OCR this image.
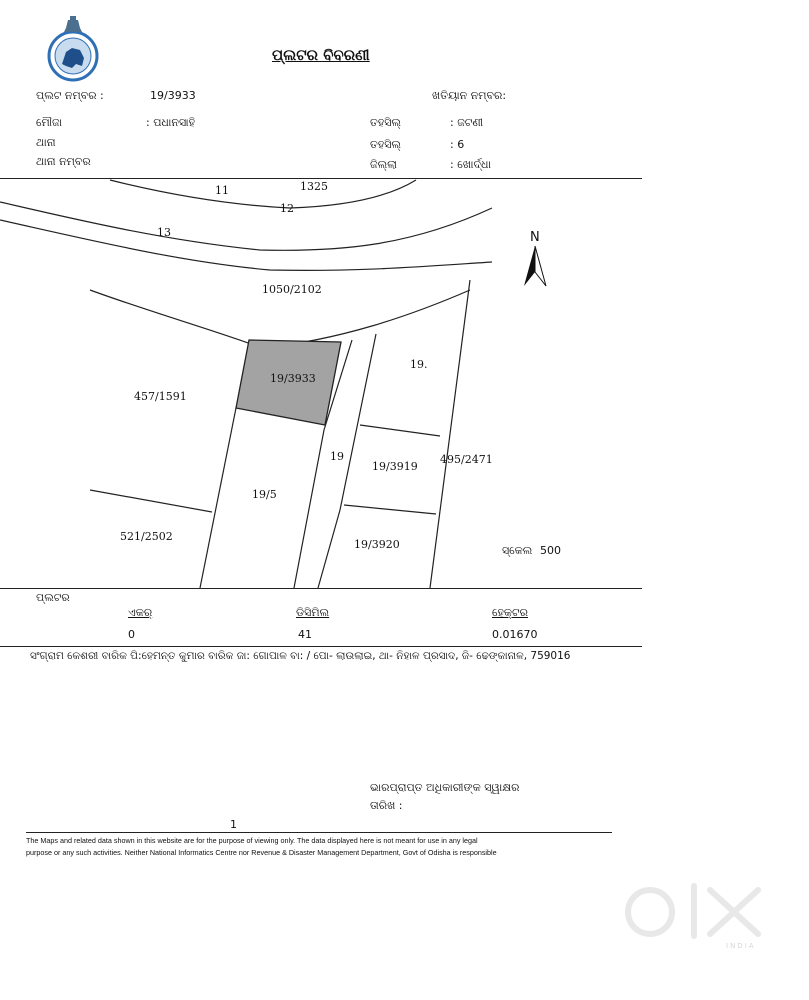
ପ୍ଲଟର ବିବରଣୀ
ପ୍ଲଟ ନମ୍ବର :	19/3933	ଖତିୟାନ ନମ୍ବର:
ମୌଜା	: ପଧାନସାହି	ତହସିଲ୍	: ଜଟଣୀ
ଥାନା	ତହସିଲ୍	: 6
ଥାନା ନମ୍ବର	ଜିଲ୍ଲା	: ଖୋର୍ଦ୍ଧା
11	1325
12
13
1050/2102
19/3933
19.
457/1591
19
19/3919
495/2471
19/5
521/2502
19/3920
N
ସ୍କେଲ 500
ପ୍ଲଟର
ଏକର୍	ଡିସିମିଲ	ହେକ୍ଟର
0	41	0.01670
ସଂଗ୍ରାମ କେଶରୀ ବାରିକ ପି:ହେମନ୍ତ କୁମାର ବାରିକ ଜା: ଗୋପାଳ ବା: / ପୋ- ଲାଉଲାଇ, ଥା- ନିହାଳ ପ୍ରସାଦ, ଜି- ଢେଙ୍କାନାଳ, 759016
ଭାରପ୍ରାପ୍ତ ଅଧିକାରୀଙ୍କ ସ୍ୱାକ୍ଷର
ତାରିଖ :
1
The Maps and related data shown in this website are for the purpose of viewing only. The data displayed here is not meant for use in any legal
purpose or any such activities. Neither National Informatics Centre nor Revenue & Disaster Management Department, Govt of Odisha is responsible
INDIA
